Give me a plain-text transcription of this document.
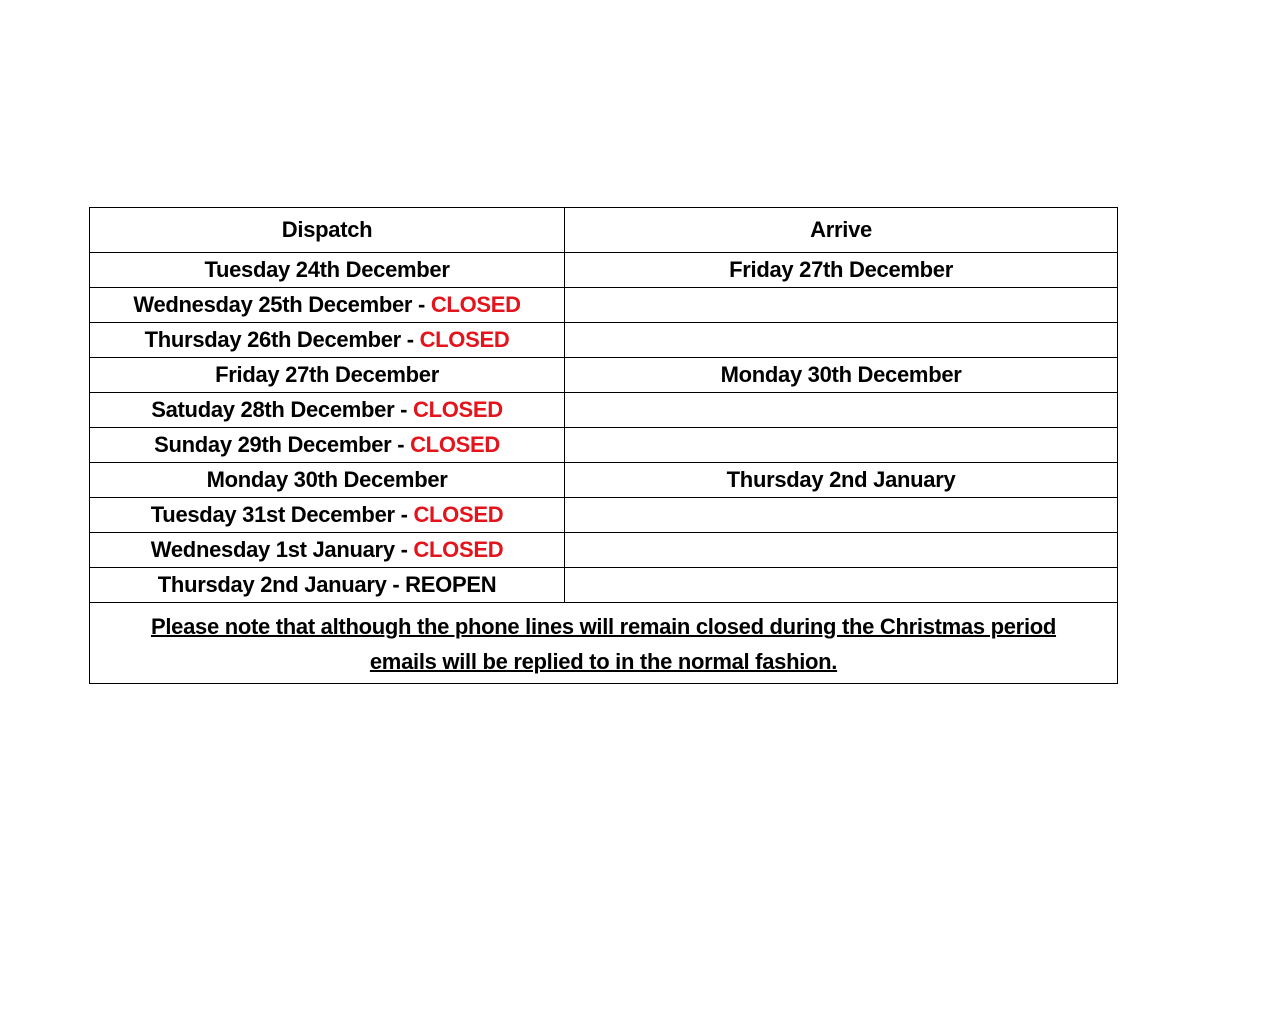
Dispatch	Arrive
Tuesday 24th December	Friday 27th December
Wednesday 25th December - CLOSED	
Thursday 26th December - CLOSED	
Friday 27th December	Monday 30th December
Satuday 28th December - CLOSED	
Sunday 29th December - CLOSED	
Monday 30th December	Thursday 2nd January
Tuesday 31st December - CLOSED	
Wednesday 1st January - CLOSED	
Thursday 2nd January - REOPEN	
Please note that although the phone lines will remain closed during the Christmas period
emails will be replied to in the normal fashion.	
